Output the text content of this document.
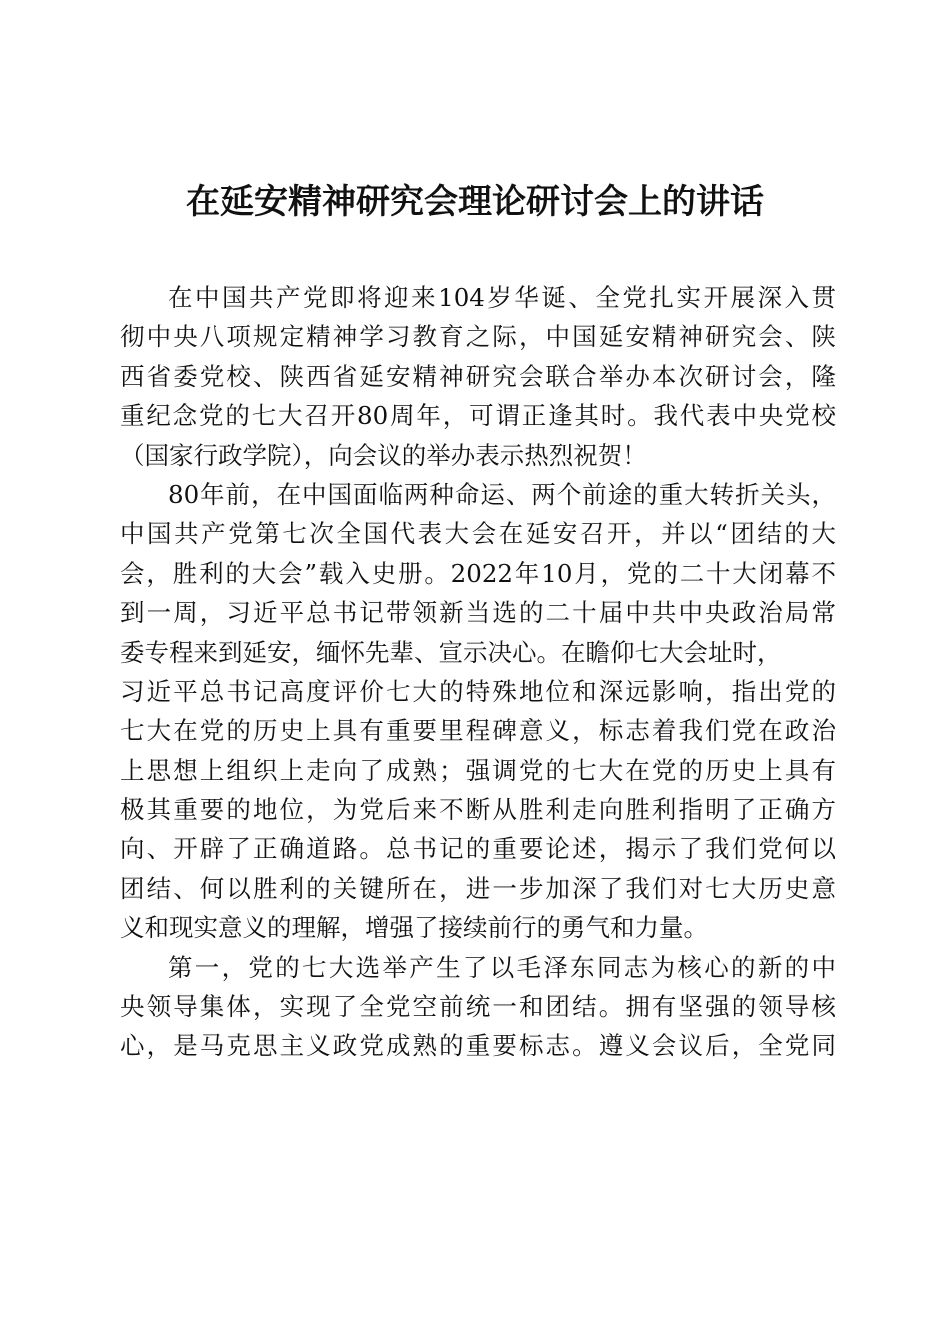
在延安精神研究会理论研讨会上的讲话
在中国共产党即将迎来104岁华诞、全党扎实开展深入贯
彻中央八项规定精神学习教育之际，中国延安精神研究会、陕
西省委党校、陕西省延安精神研究会联合举办本次研讨会，隆
重纪念党的七大召开80周年，可谓正逢其时。我代表中央党校
（国家行政学院），向会议的举办表示热烈祝贺！
80年前，在中国面临两种命运、两个前途的重大转折关头，
中国共产党第七次全国代表大会在延安召开，并以“团结的大
会，胜利的大会”载入史册。2022年10月，党的二十大闭幕不
到一周，习近平总书记带领新当选的二十届中共中央政治局常
委专程来到延安，缅怀先辈、宣示决心。在瞻仰七大会址时，
习近平总书记高度评价七大的特殊地位和深远影响，指出党的
七大在党的历史上具有重要里程碑意义，标志着我们党在政治
上思想上组织上走向了成熟；强调党的七大在党的历史上具有
极其重要的地位，为党后来不断从胜利走向胜利指明了正确方
向、开辟了正确道路。总书记的重要论述，揭示了我们党何以
团结、何以胜利的关键所在，进一步加深了我们对七大历史意
义和现实意义的理解，增强了接续前行的勇气和力量。
第一，党的七大选举产生了以毛泽东同志为核心的新的中
央领导集体，实现了全党空前统一和团结。拥有坚强的领导核
心，是马克思主义政党成熟的重要标志。遵义会议后，全党同
